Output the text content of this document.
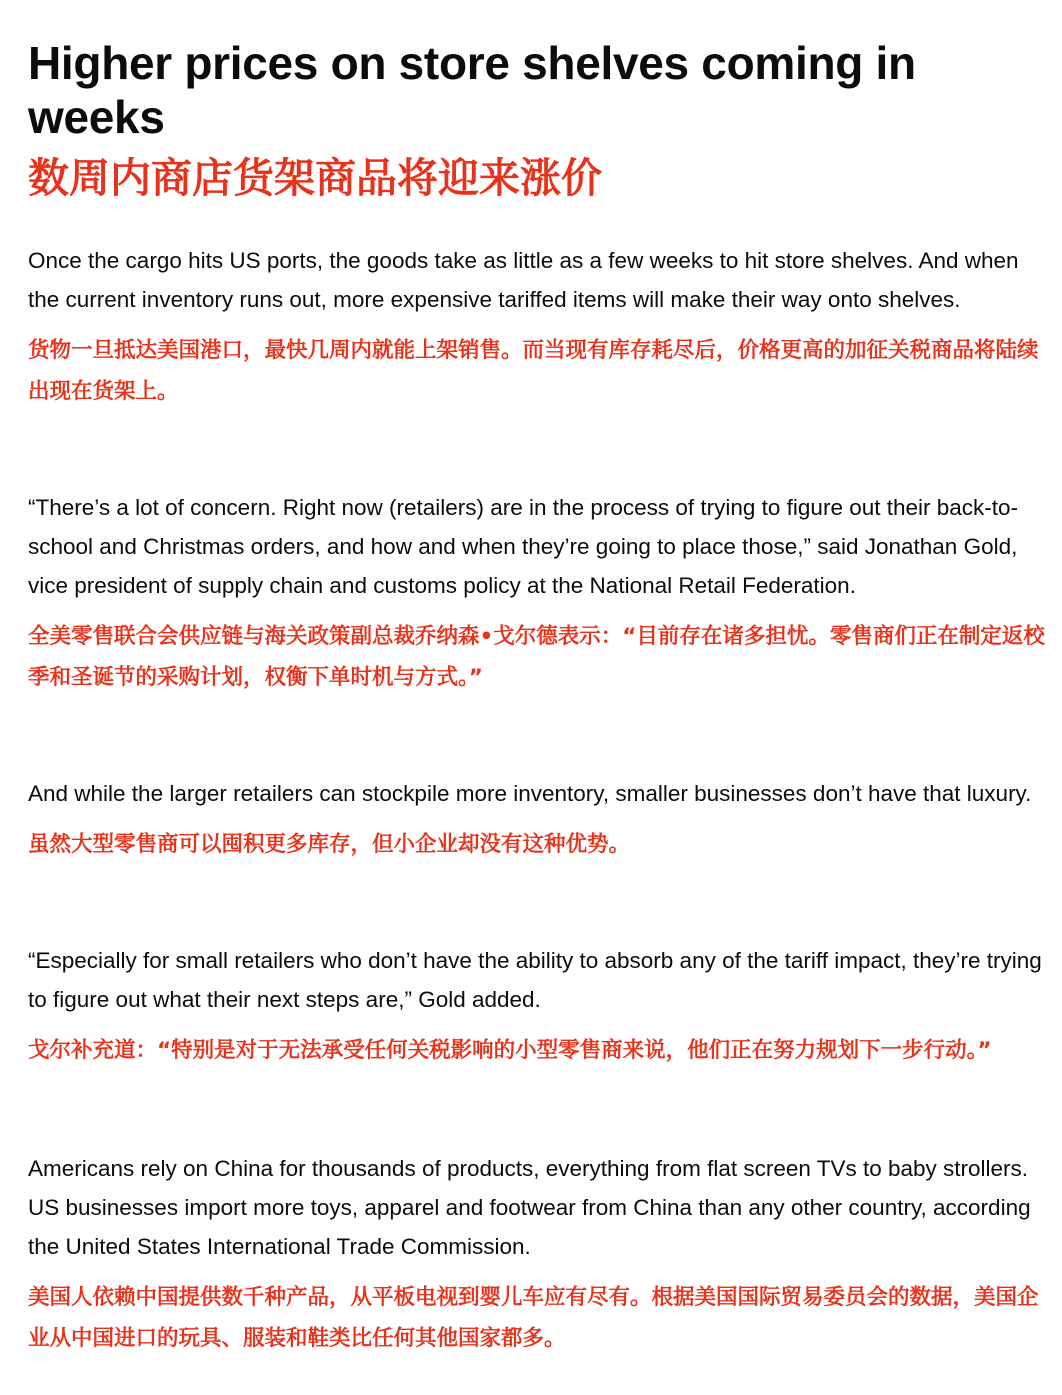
Higher prices on store shelves coming in weeks
数周内商店货架商品将迎来涨价

Once the cargo hits US ports, the goods take as little as a few weeks to hit store shelves. And when the current inventory runs out, more expensive tariffed items will make their way onto shelves.

货物一旦抵达美国港口，最快几周内就能上架销售。而当现有库存耗尽后，价格更高的加征关税商品将陆续出现在货架上。

“There’s a lot of concern. Right now (retailers) are in the process of trying to figure out their back-to-school and Christmas orders, and how and when they’re going to place those,” said Jonathan Gold, vice president of supply chain and customs policy at the National Retail Federation.

全美零售联合会供应链与海关政策副总裁乔纳森•戈尔德表示：“目前存在诸多担忧。零售商们正在制定返校季和圣诞节的采购计划，权衡下单时机与方式。”

And while the larger retailers can stockpile more inventory, smaller businesses don’t have that luxury.

虽然大型零售商可以囤积更多库存，但小企业却没有这种优势。

“Especially for small retailers who don’t have the ability to absorb any of the tariff impact, they’re trying to figure out what their next steps are,” Gold added.

戈尔补充道：“特别是对于无法承受任何关税影响的小型零售商来说，他们正在努力规划下一步行动。”

Americans rely on China for thousands of products, everything from flat screen TVs to baby strollers. US businesses import more toys, apparel and footwear from China than any other country, according the United States International Trade Commission.

美国人依赖中国提供数千种产品，从平板电视到婴儿车应有尽有。根据美国国际贸易委员会的数据，美国企业从中国进口的玩具、服装和鞋类比任何其他国家都多。
